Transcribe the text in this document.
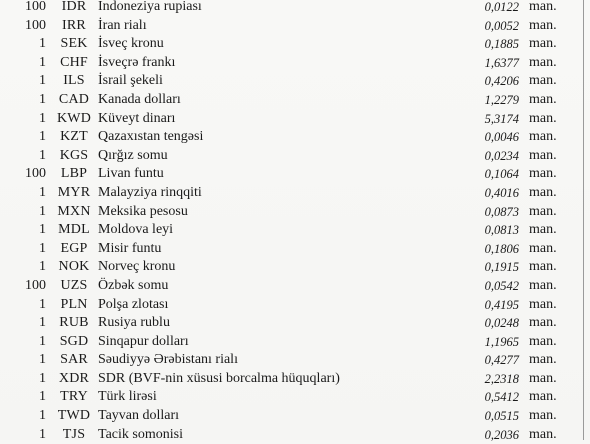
100	IDR İndoneziya rupiası	0,0122 man.
100	IRR İran rialı	0,0052 man.
1	SEK İsveç kronu	0,1885 man.
1	CHF İsveçrə frankı	1,6377 man.
1	ILS İsrail şekeli	0,4206 man.
1 CAD Kanada dolları	1,2279 man.
1 KWD Küveyt dinarı	5,3174 man.
1	KZT Qazaxıstan tengəsi	0,0046 man.
1 KGS Qırğız somu	0,0234 man.
100	LBP Livan funtu	0,1064 man.
1 MYR Malayziya rinqqiti	0,4016 man.
1 MXN Meksika pesosu	0,0873 man.
1 MDL Moldova leyi	0,0813 man.
1	EGP Misir funtu	0,1806 man.
1 NOK Norveç kronu	0,1915 man.
100	UZS Özbək somu	0,0542 man.
1	PLN Polşa zlotası	0,4195 man.
1 RUB Rusiya rublu	0,0248 man.
1 SGD Sinqapur dolları	1,1965 man.
1	SAR Səudiyyə Ərəbistanı rialı	0,4277 man.
1 XDR SDR (BVF-nin xüsusi borcalma hüquqları)	2,2318 man.
1	TRY Türk lirəsi	0,5412 man.
1 TWD Tayvan dolları	0,0515 man.
1	TJS Tacik somonisi	0,2036 man.
